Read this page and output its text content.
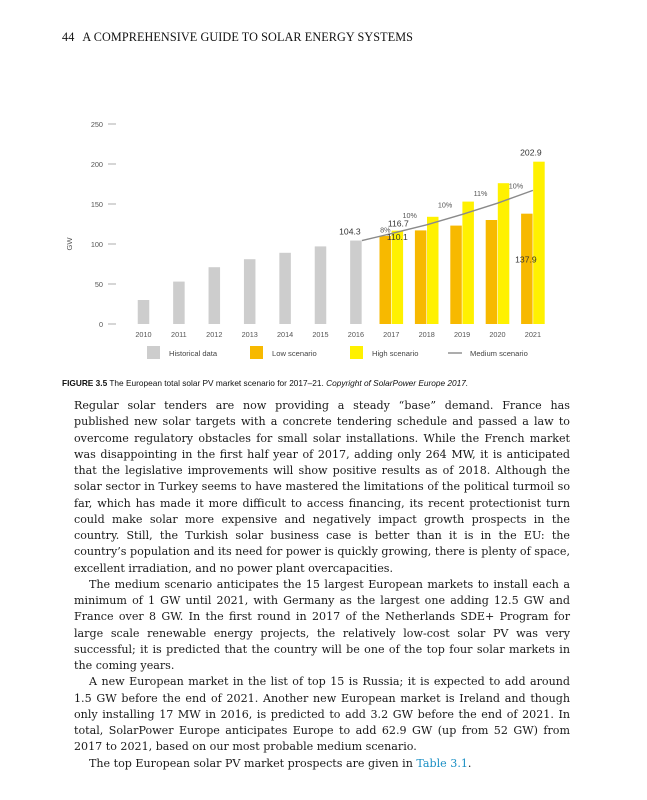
44 A COMPREHENSIVE GUIDE TO SOLAR ENERGY SYSTEMS
0
50
100
150
200
250
GW
2010	2011	2012	2013	2014	2015	2016	2017	2018	2019	2020	2021
104.3
110.1
116.7
137.9
202.9
8%
10%
10%
11%
10%
Historical data	Low scenario	High scenario	Medium scenario
FIGURE 3.5 The European total solar PV market scenario for 2017–21. Copyright of SolarPower Europe 2017.

Regular solar tenders are now providing a steady “base” demand. France has published new solar targets with a concrete tendering schedule and passed a law to overcome regulatory obstacles for small solar installations. While the French market was disappointing in the first half year of 2017, adding only 264 MW, it is anticipated that the legislative improvements will show positive results as of 2018. Although the solar sector in Turkey seems to have mastered the limitations of the political turmoil so far, which has made it more difficult to access financing, its recent protectionist turn could make solar more expensive and negatively impact growth prospects in the country. Still, the Turkish solar business case is better than it is in the EU: the country’s population and its need for power is quickly growing, there is plenty of space, excellent irradiation, and no power plant overcapacities.

The medium scenario anticipates the 15 largest European markets to install each a minimum of 1 GW until 2021, with Germany as the largest one adding 12.5 GW and France over 8 GW. In the first round in 2017 of the Netherlands SDE+ Program for large scale renewable energy projects, the relatively low-cost solar PV was very successful; it is predicted that the country will be one of the top four solar markets in the coming years.

A new European market in the list of top 15 is Russia; it is expected to add around 1.5 GW before the end of 2021. Another new European market is Ireland and though only installing 17 MW in 2016, is predicted to add 3.2 GW before the end of 2021. In total, SolarPower Europe anticipates Europe to add 62.9 GW (up from 52 GW) from 2017 to 2021, based on our most probable medium scenario.

The top European solar PV market prospects are given in Table 3.1.
